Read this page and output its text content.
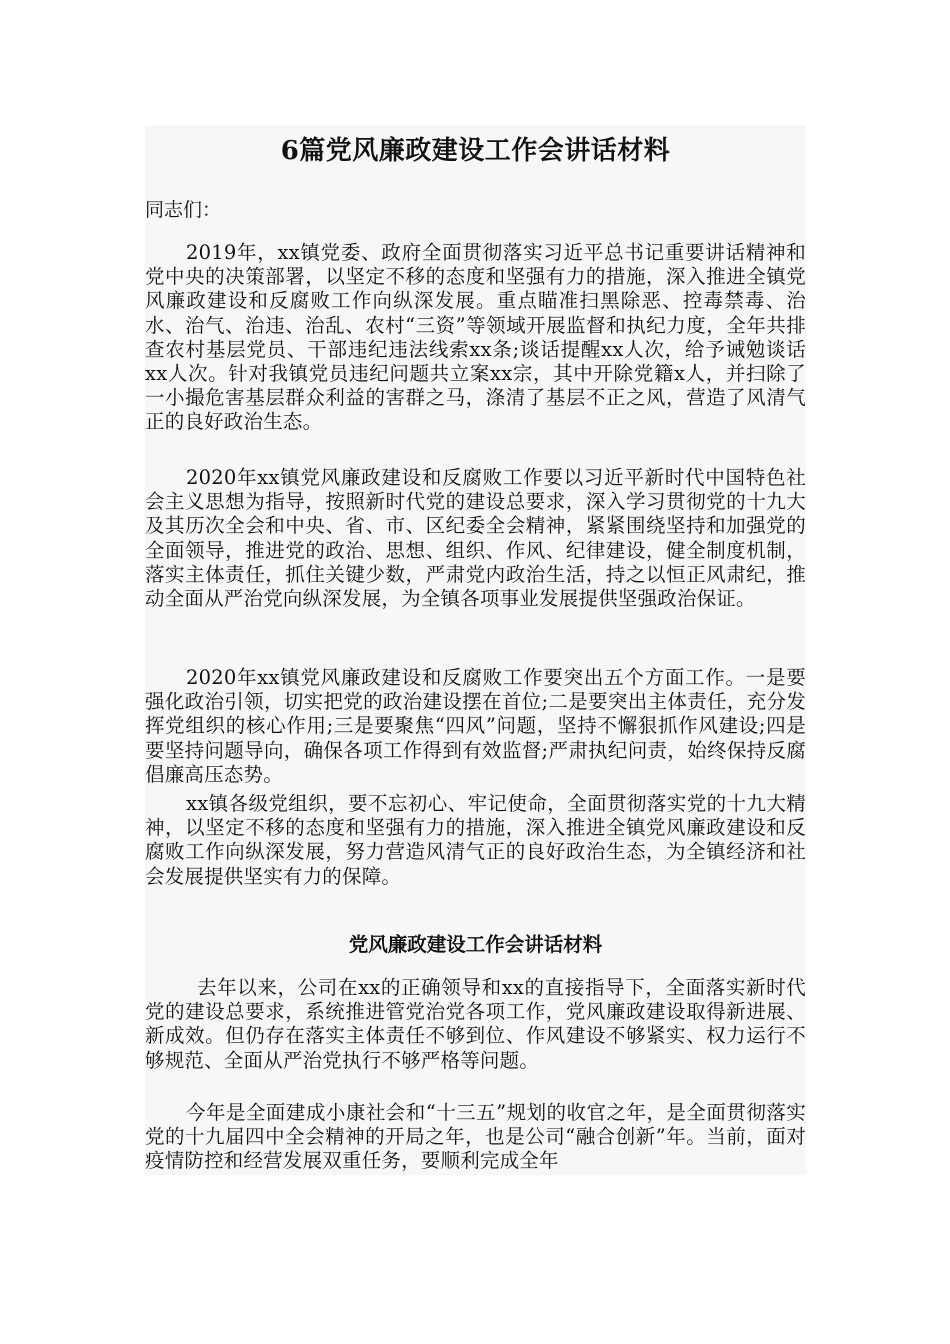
6篇党风廉政建设工作会讲话材料
同志们：

2019年，xx镇党委、政府全面贯彻落实习近平总书记重要讲话精神和党中央的决策部署，以坚定不移的态度和坚强有力的措施，深入推进全镇党风廉政建设和反腐败工作向纵深发展。重点瞄准扫黑除恶、控毒禁毒、治水、治气、治违、治乱、农村“三资”等领域开展监督和执纪力度，全年共排查农村基层党员、干部违纪违法线索xx条;谈话提醒xx人次，给予诫勉谈话xx人次。针对我镇党员违纪问题共立案xx宗，其中开除党籍x人，并扫除了一小撮危害基层群众利益的害群之马，涤清了基层不正之风，营造了风清气正的良好政治生态。

2020年xx镇党风廉政建设和反腐败工作要以习近平新时代中国特色社会主义思想为指导，按照新时代党的建设总要求，深入学习贯彻党的十九大及其历次全会和中央、省、市、区纪委全会精神，紧紧围绕坚持和加强党的全面领导，推进党的政治、思想、组织、作风、纪律建设，健全制度机制，落实主体责任，抓住关键少数，严肃党内政治生活，持之以恒正风肃纪，推动全面从严治党向纵深发展，为全镇各项事业发展提供坚强政治保证。

2020年xx镇党风廉政建设和反腐败工作要突出五个方面工作。一是要强化政治引领，切实把党的政治建设摆在首位;二是要突出主体责任，充分发挥党组织的核心作用;三是要聚焦“四风”问题，坚持不懈狠抓作风建设;四是要坚持问题导向，确保各项工作得到有效监督;严肃执纪问责，始终保持反腐倡廉高压态势。

xx镇各级党组织，要不忘初心、牢记使命，全面贯彻落实党的十九大精神，以坚定不移的态度和坚强有力的措施，深入推进全镇党风廉政建设和反腐败工作向纵深发展，努力营造风清气正的良好政治生态，为全镇经济和社会发展提供坚实有力的保障。

党风廉政建设工作会讲话材料

去年以来，公司在xx的正确领导和xx的直接指导下，全面落实新时代党的建设总要求，系统推进管党治党各项工作，党风廉政建设取得新进展、新成效。但仍存在落实主体责任不够到位、作风建设不够紧实、权力运行不够规范、全面从严治党执行不够严格等问题。

今年是全面建成小康社会和“十三五”规划的收官之年，是全面贯彻落实党的十九届四中全会精神的开局之年，也是公司“融合创新”年。当前，面对疫情防控和经营发展双重任务，要顺利完成全年
